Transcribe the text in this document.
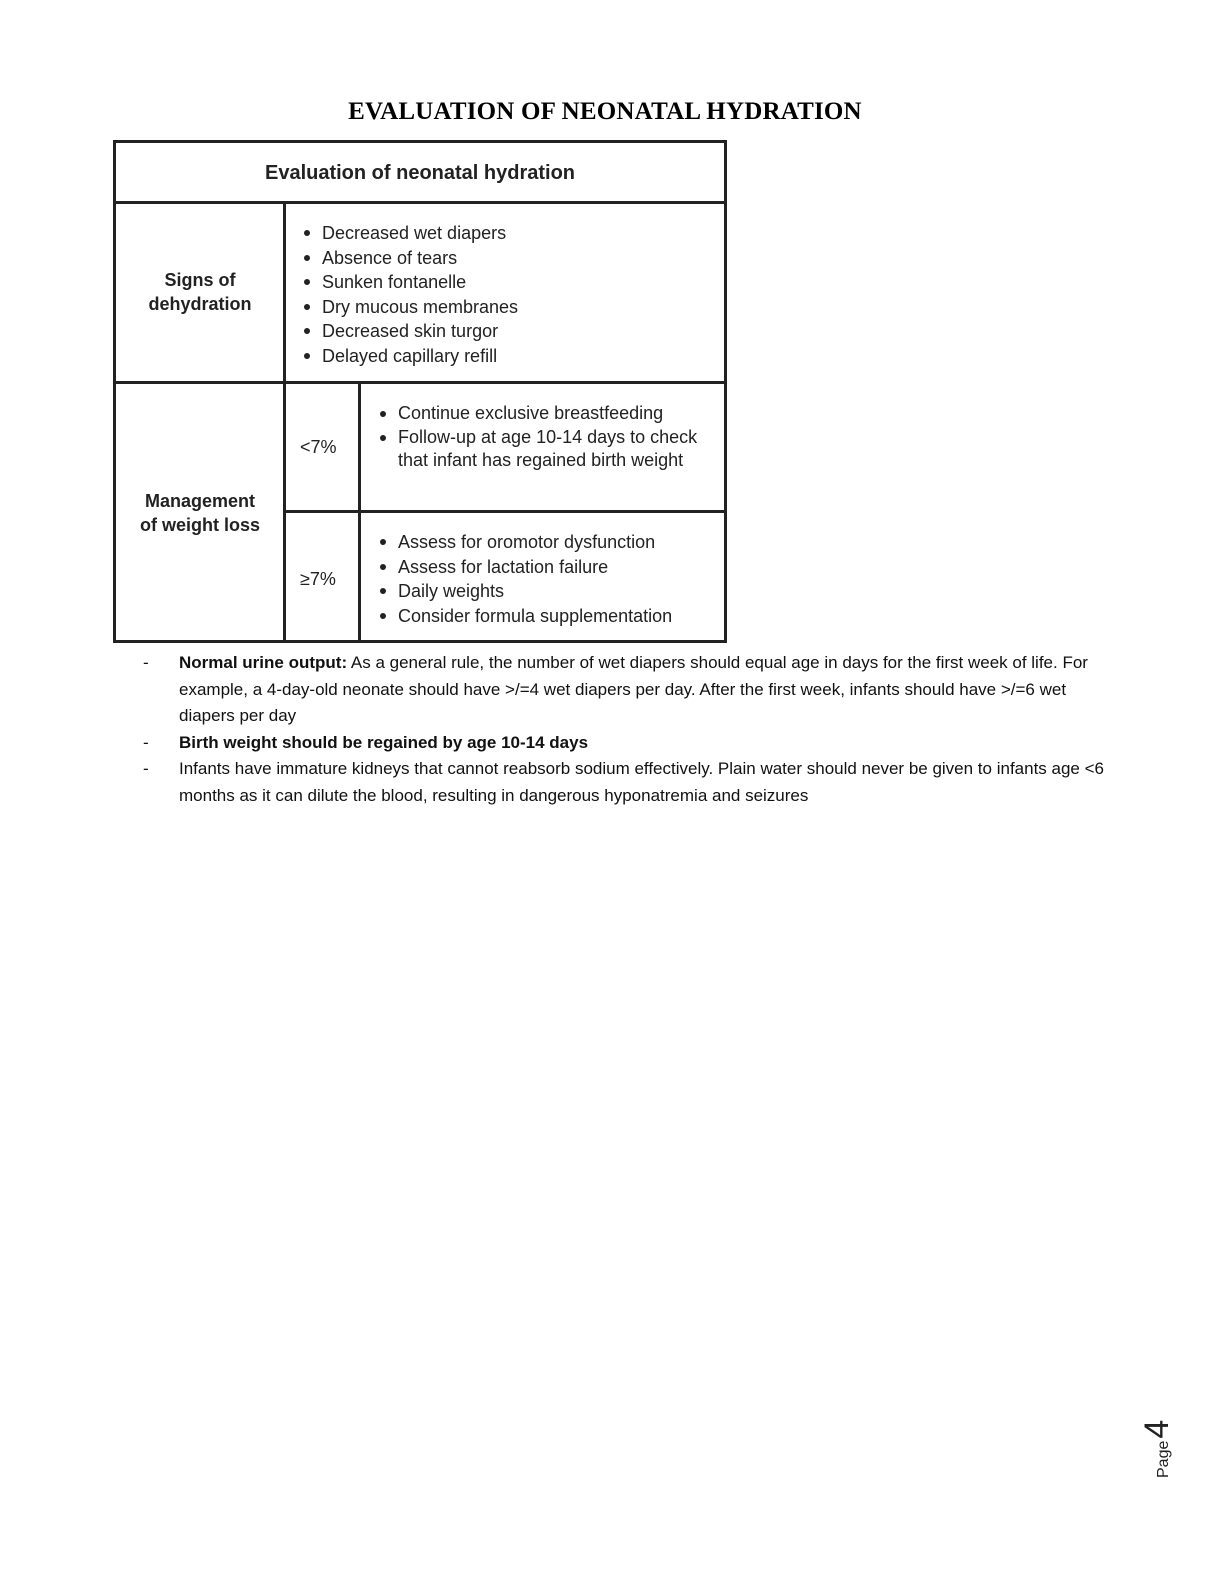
EVALUATION OF NEONATAL HYDRATION
Evaluation of neonatal hydration
Signs of
dehydration
Decreased wet diapers
Absence of tears
Sunken fontanelle
Dry mucous membranes
Decreased skin turgor
Delayed capillary refill
Management
of weight loss
<7%
Continue exclusive breastfeeding
Follow-up at age 10-14 days to check that infant has regained birth weight
≥7%
Assess for oromotor dysfunction
Assess for lactation failure
Daily weights
Consider formula supplementation
- Normal urine output: As a general rule, the number of wet diapers should equal age in days for the first week of life. For example, a 4-day-old neonate should have >/=4 wet diapers per day. After the first week, infants should have >/=6 wet diapers per day
- Birth weight should be regained by age 10-14 days
- Infants have immature kidneys that cannot reabsorb sodium effectively. Plain water should never be given to infants age <6 months as it can dilute the blood, resulting in dangerous hyponatremia and seizures
Page4
